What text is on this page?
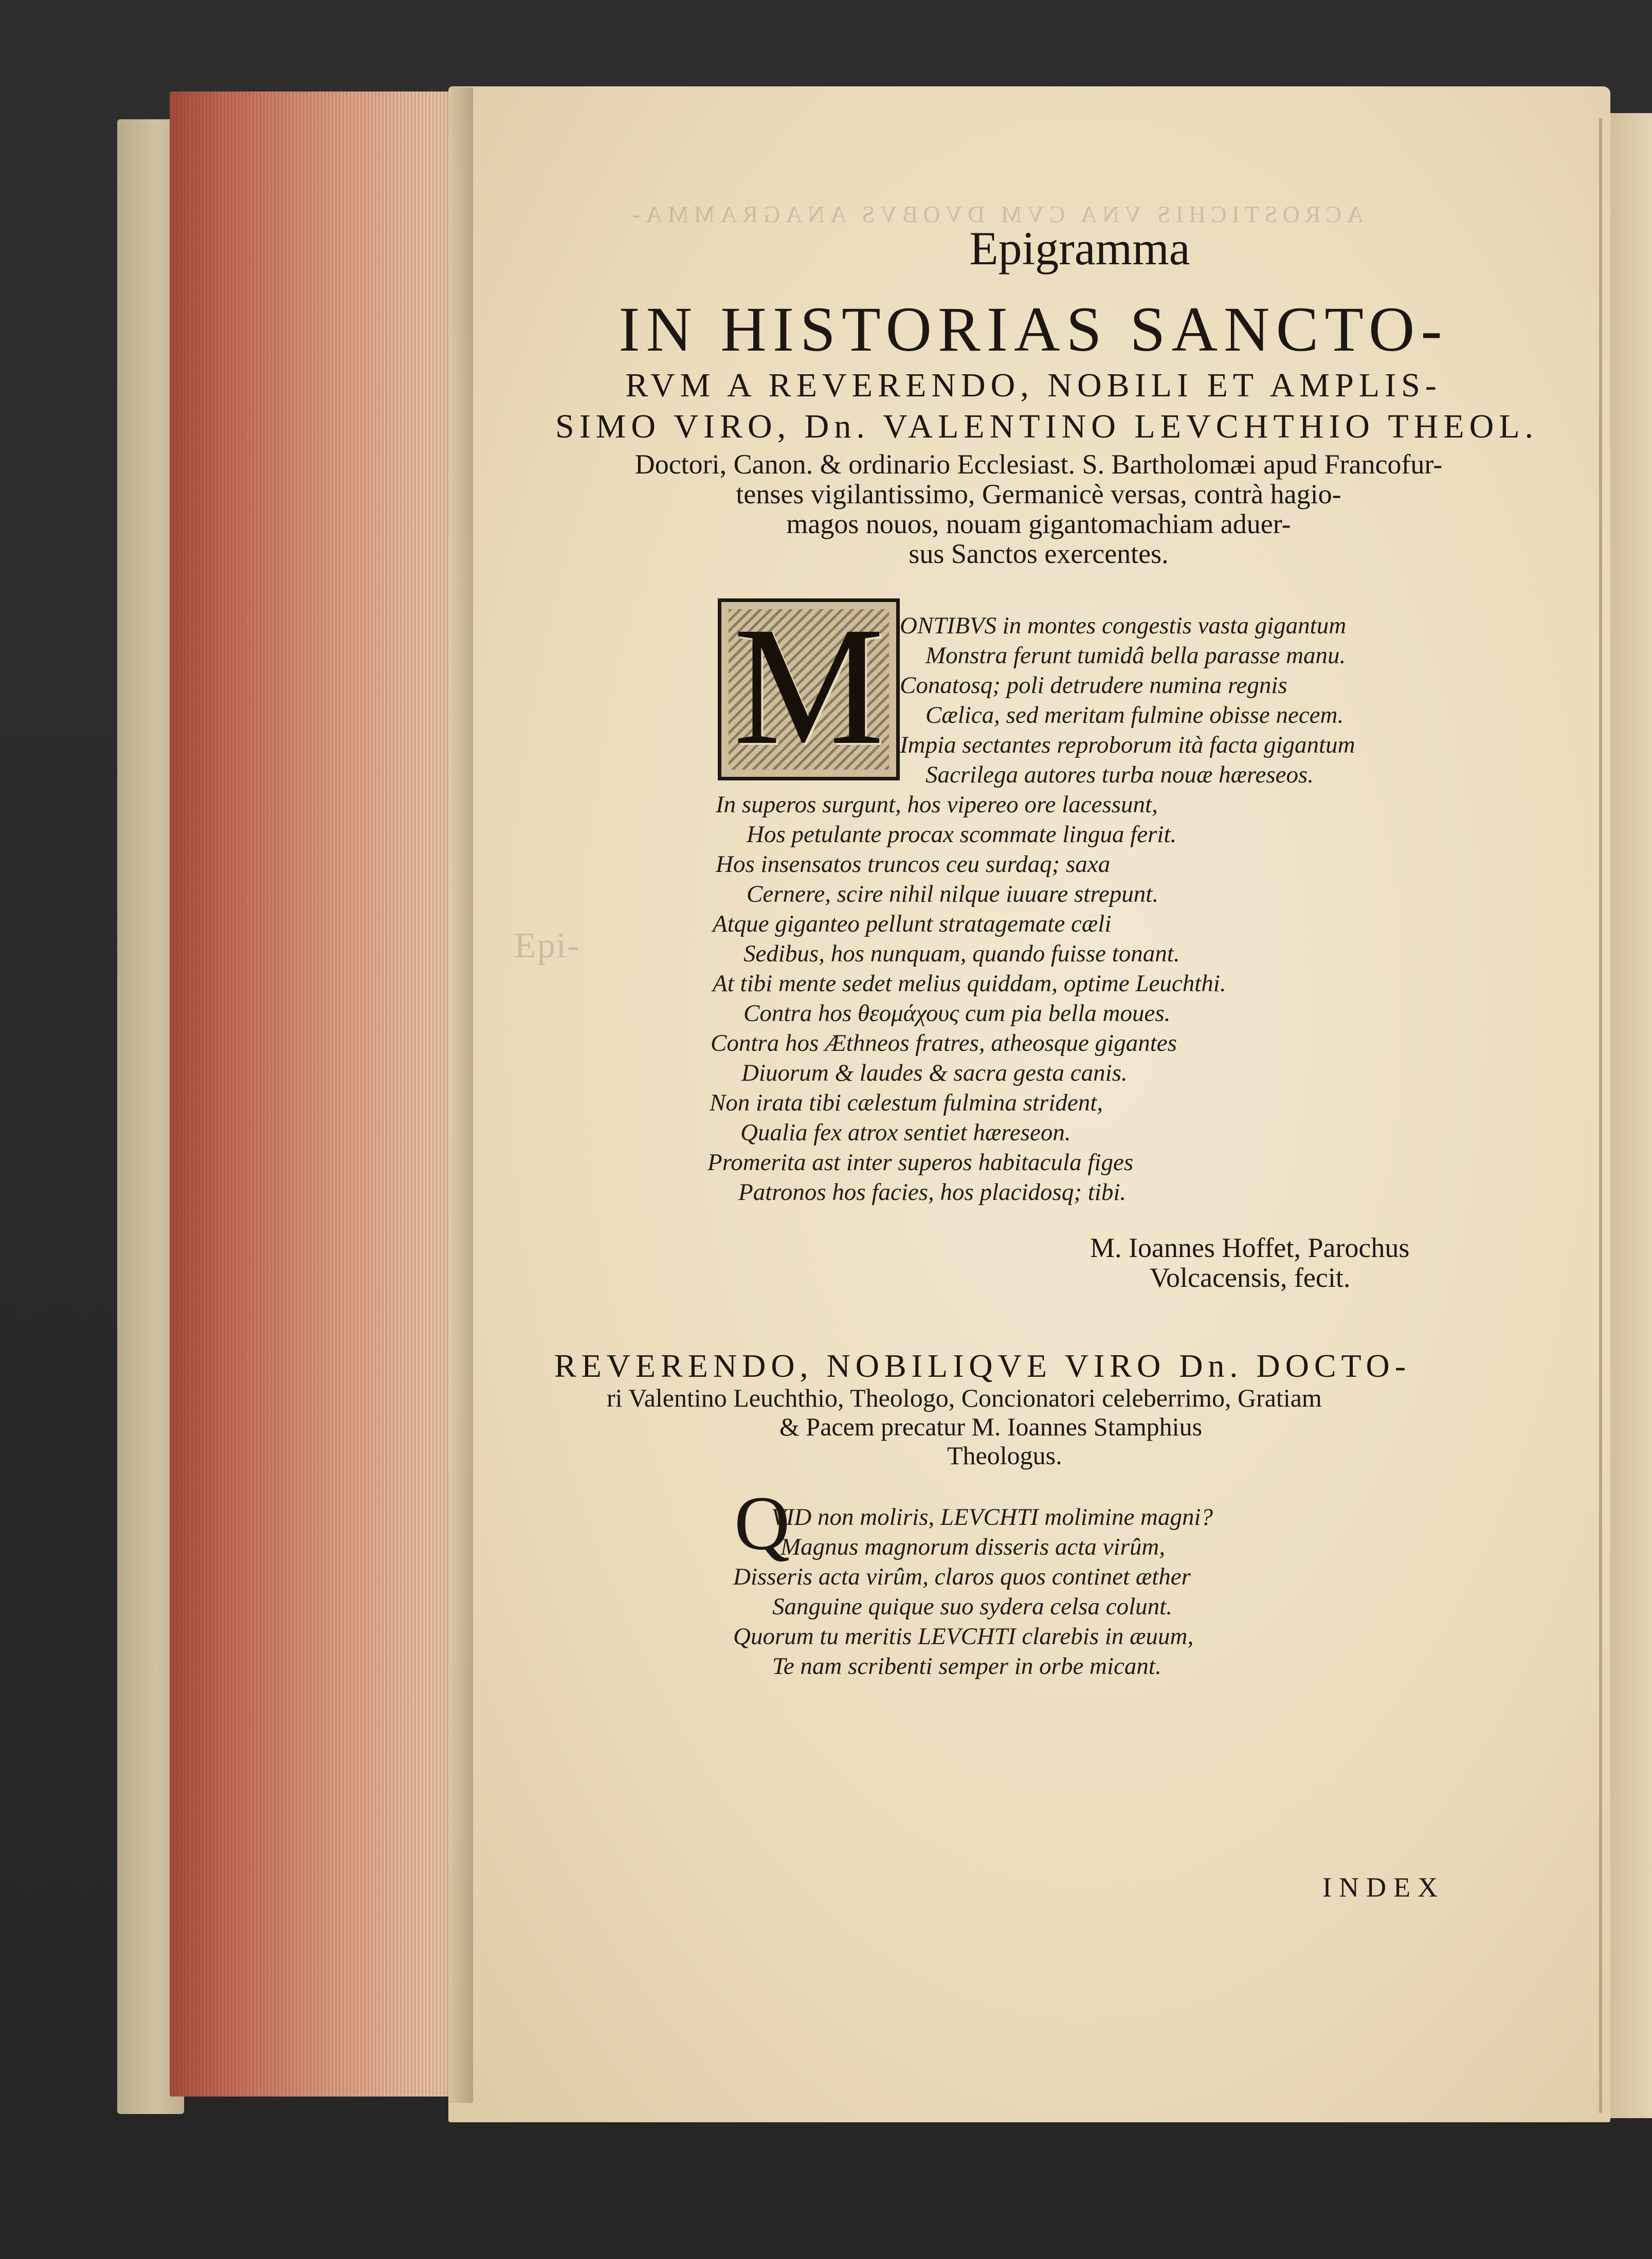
ACROSTICHIS VNA CVM DVOBVS ANAGRAMMA-
Epi-
Epigramma
IN HISTORIAS SANCTO-
RVM A REVERENDO, NOBILI ET AMPLIS-
SIMO VIRO, Dn. VALENTINO LEVCHTHIO THEOL.
Doctori, Canon. & ordinario Ecclesiast. S. Bartholomæi apud Francofur-
tenses vigilantissimo, Germanicè versas, contrà hagio-
magos nouos, nouam gigantomachiam aduer-
sus Sanctos exercentes.
M ONTIBVS in montes congestis vasta gigantum
Monstra ferunt tumidâ bella parasse manu.
Conatosq; poli detrudere numina regnis
Cælica, sed meritam fulmine obisse necem.
Impia sectantes reproborum ità facta gigantum
Sacrilega autores turba nouæ hæreseos.
In superos surgunt, hos vipereo ore lacessunt,
Hos petulante procax scommate lingua ferit.
Hos insensatos truncos ceu surdaq; saxa
Cernere, scire nihil nilque iuuare strepunt.
Atque giganteo pellunt stratagemate cæli
Sedibus, hos nunquam, quando fuisse tonant.
At tibi mente sedet melius quiddam, optime Leuchthi.
Contra hos θεομάχους cum pia bella moues.
Contra hos Æthneos fratres, atheosque gigantes
Diuorum & laudes & sacra gesta canis.
Non irata tibi cælestum fulmina strident,
Qualia fex atrox sentiet hæreseon.
Promerita ast inter superos habitacula figes
Patronos hos facies, hos placidosq; tibi.
M. Ioannes Hoffet, Parochus
Volcacensis, fecit.
REVERENDO, NOBILIQVE VIRO Dn. DOCTO-
ri Valentino Leuchthio, Theologo, Concionatori celeberrimo, Gratiam
& Pacem precatur M. Ioannes Stamphius
Theologus.
Q
VID non moliris, LEVCHTI molimine magni?
Magnus magnorum disseris acta virûm,
Disseris acta virûm, claros quos continet æther
Sanguine quique suo sydera celsa colunt.
Quorum tu meritis LEVCHTI clarebis in æuum,
Te nam scribenti semper in orbe micant.
INDEX
